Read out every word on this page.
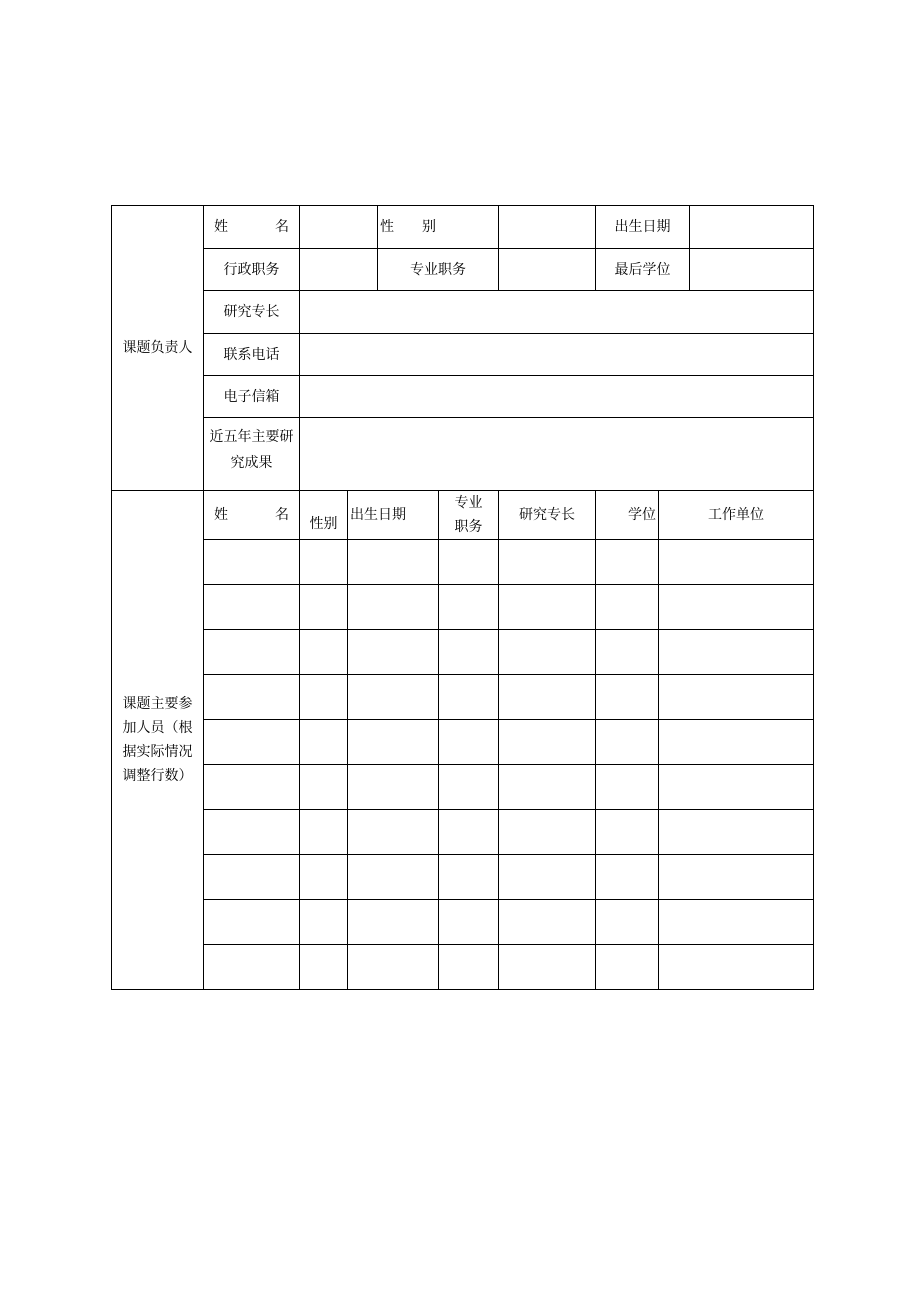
课题负责人	姓　　名			性　　别			出生日期		
	行政职务			专业职务			最后学位		
	研究专长								
	联系电话								
	电子信箱								
	近五年主要研究成果								
课题主要参加人员（根据实际情况调整行数）	姓　　名	性别	出生日期		专业职务	研究专长	学位	工作单位	
